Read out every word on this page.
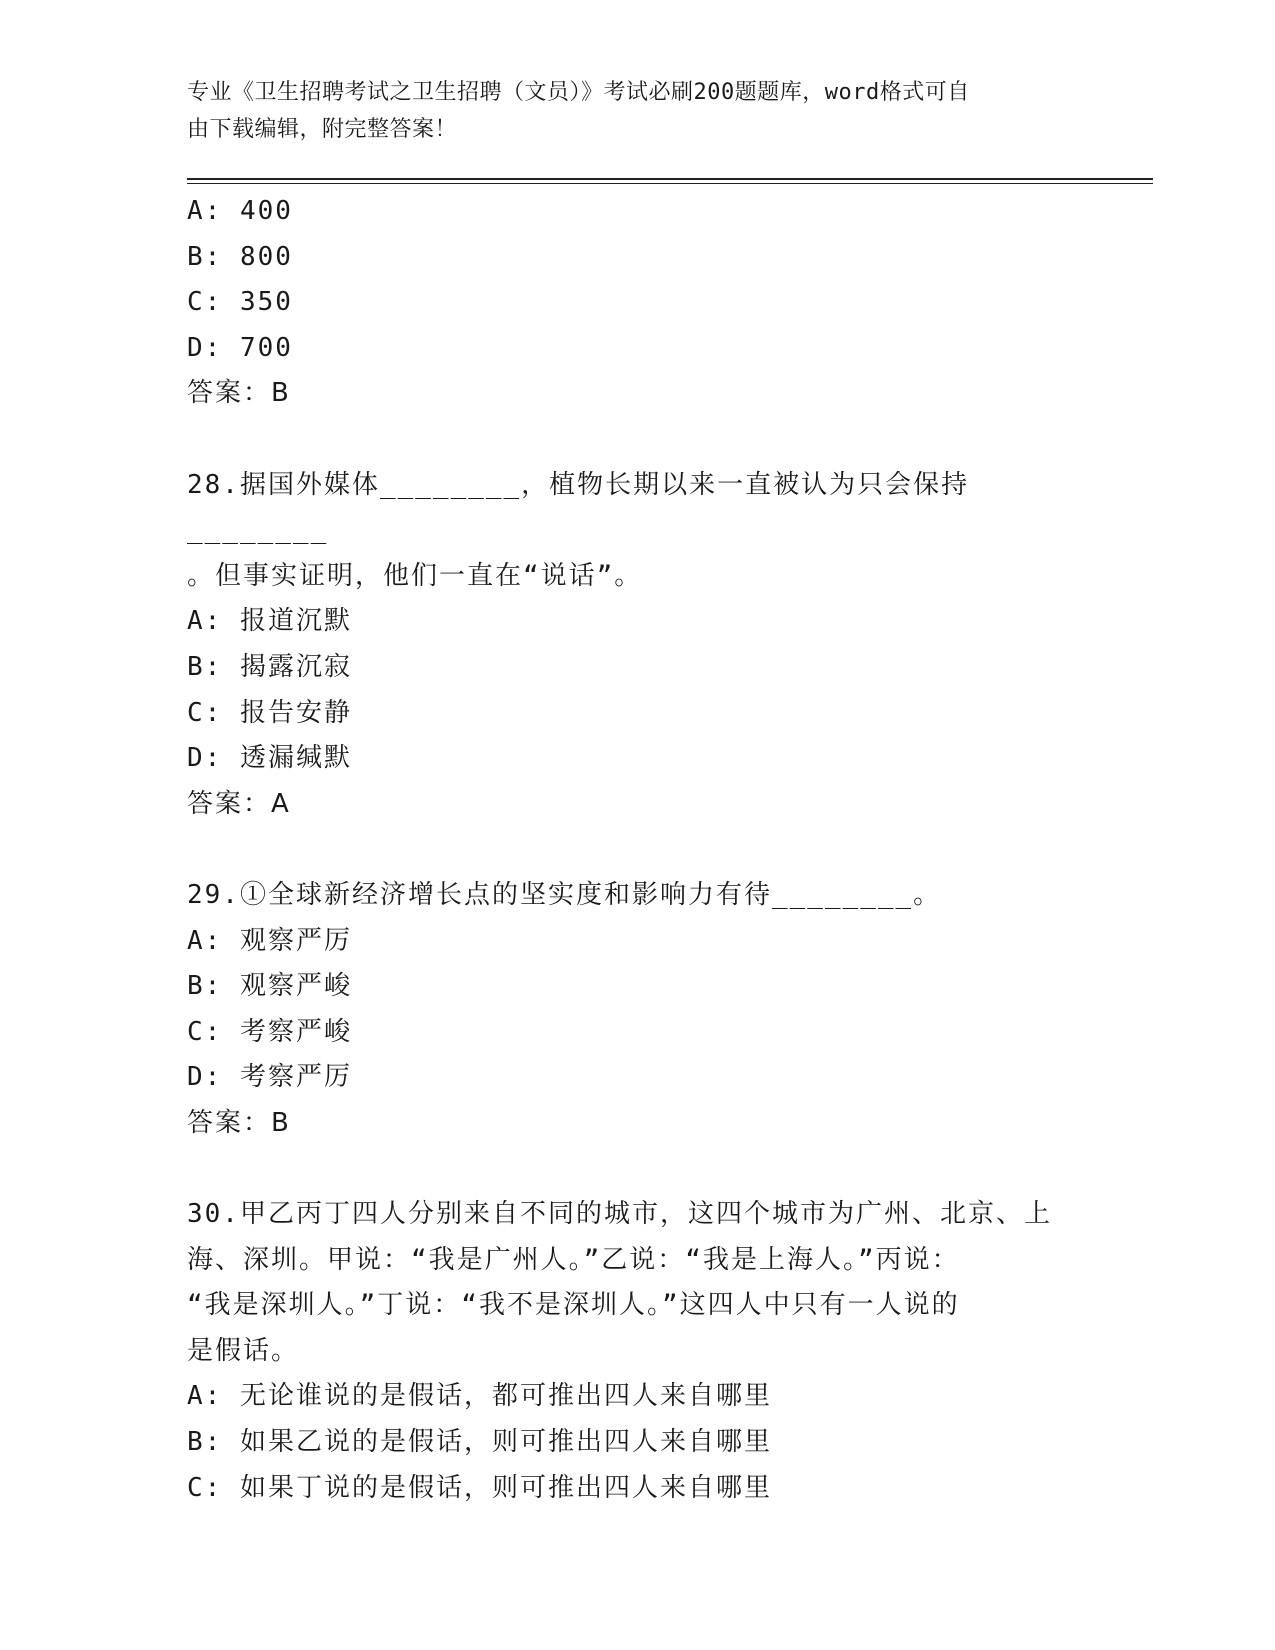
专业《卫生招聘考试之卫生招聘（文员）》考试必刷200题题库，word格式可自
由下载编辑，附完整答案！
A: 400
B: 800
C: 350
D: 700
答案：B
28.据国外媒体________，植物长期以来一直被认为只会保持________
。但事实证明，他们一直在“说话”。
A: 报道沉默
B: 揭露沉寂
C: 报告安静
D: 透漏缄默
答案：A
29.①全球新经济增长点的坚实度和影响力有待________。
A: 观察严厉
B: 观察严峻
C: 考察严峻
D: 考察严厉
答案：B
30.甲乙丙丁四人分别来自不同的城市，这四个城市为广州、北京、上
海、深圳。甲说：“我是广州人。”乙说：“我是上海人。”丙说：
“我是深圳人。”丁说：“我不是深圳人。”这四人中只有一人说的
是假话。
A: 无论谁说的是假话，都可推出四人来自哪里
B: 如果乙说的是假话，则可推出四人来自哪里
C: 如果丁说的是假话，则可推出四人来自哪里
